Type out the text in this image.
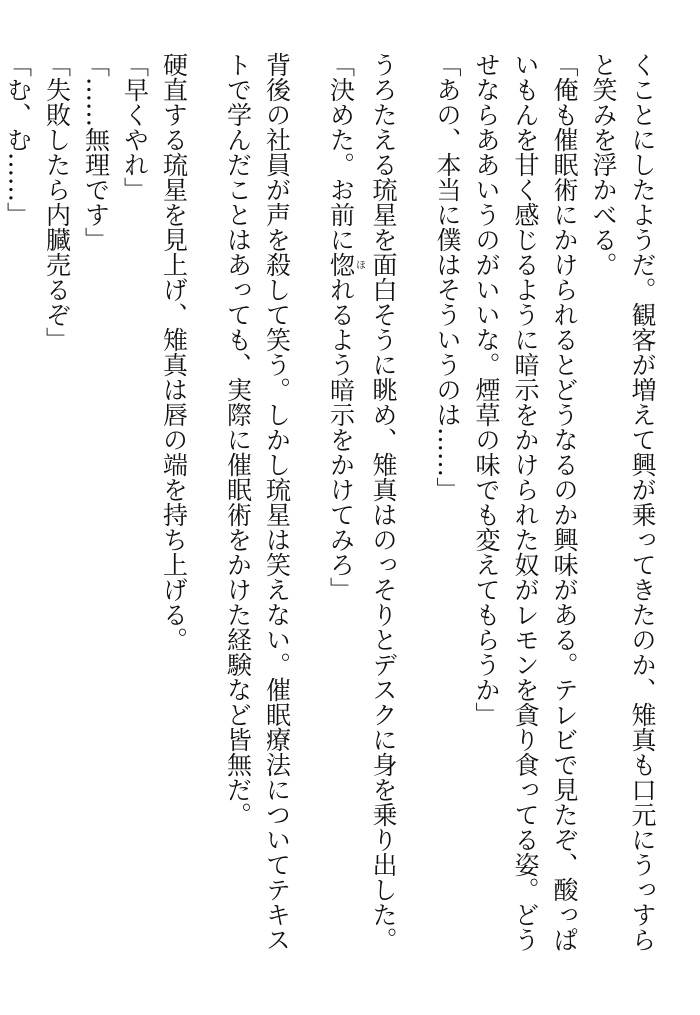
くことにしたようだ。観客が増えて興が乗ってきたのか、雉真も口元にうっすらと笑みを浮かべる。

「俺も催眠術にかけられるとどうなるのか興味がある。テレビで見たぞ、酸っぱいもんを甘く感じるように暗示をかけられた奴がレモンを貪り食ってる姿。どうせならああいうのがいいな。煙草の味でも変えてもらうか」

「あの、本当に僕はそういうのは……」

うろたえる琉星を面白そうに眺め、雉真はのっそりとデスクに身を乗り出した。

「決めた。お前に惚ほれるよう暗示をかけてみろ」

背後の社員が声を殺して笑う。しかし琉星は笑えない。催眠療法についてテキストで学んだことはあっても、実際に催眠術をかけた経験など皆無だ。

硬直する琉星を見上げ、雉真は唇の端を持ち上げる。

「早くやれ」

「……無理です」

「失敗したら内臓売るぞ」

「む、む……」
